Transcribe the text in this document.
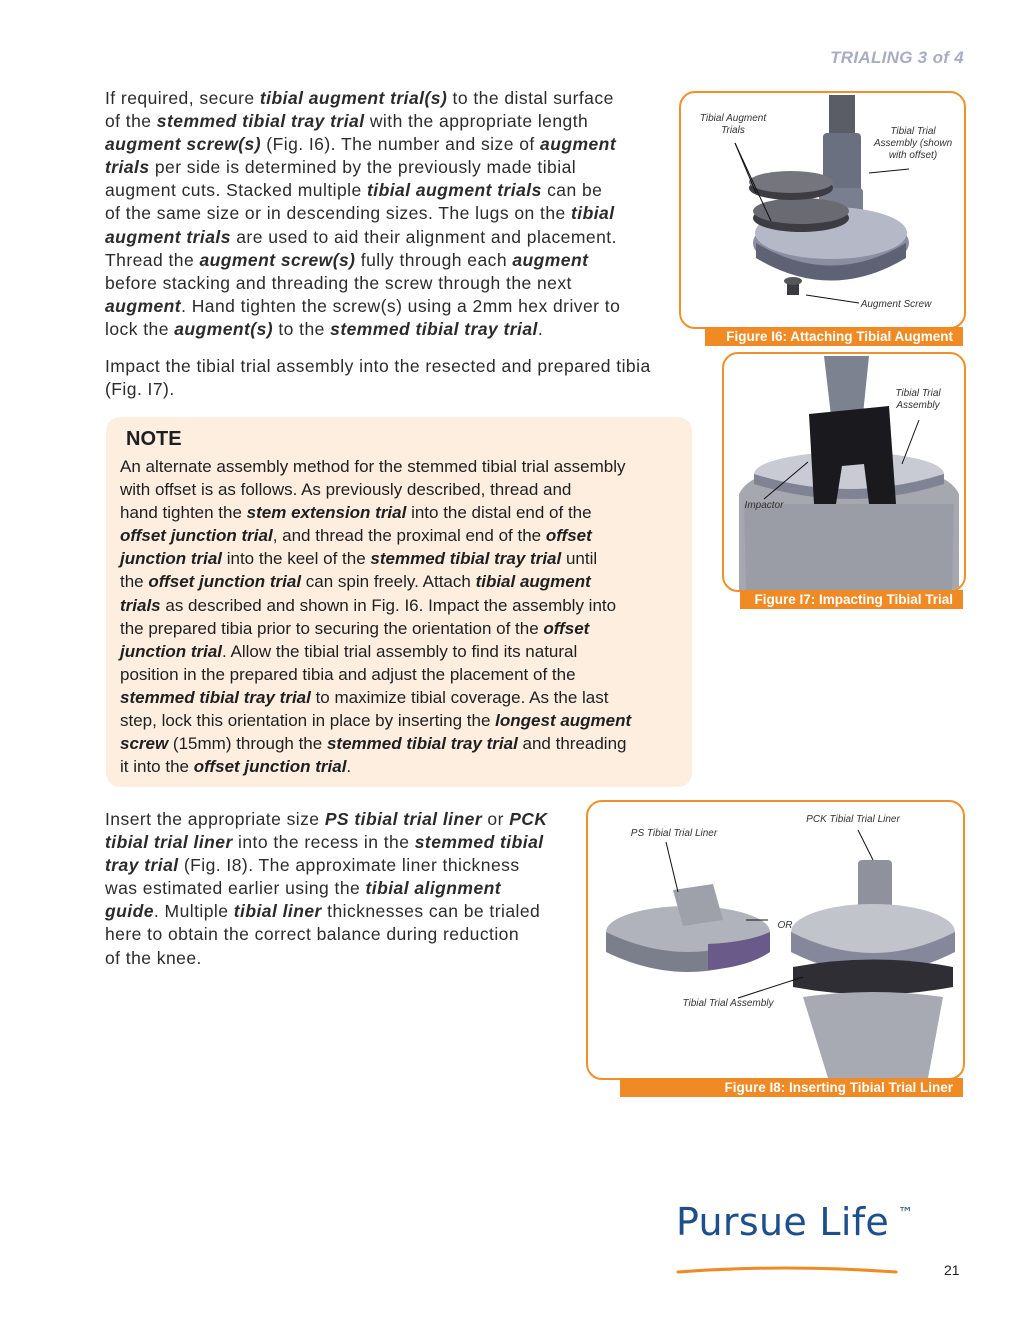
TRIALING 3 of 4
If required, secure tibial augment trial(s) to the distal surface
of the stemmed tibial tray trial with the appropriate length
augment screw(s) (Fig. I6). The number and size of augment
trials per side is determined by the previously made tibial
augment cuts. Stacked multiple tibial augment trials can be
of the same size or in descending sizes. The lugs on the tibial
augment trials are used to aid their alignment and placement.
Thread the augment screw(s) fully through each augment
before stacking and threading the screw through the next
augment. Hand tighten the screw(s) using a 2mm hex driver to
lock the augment(s) to the stemmed tibial tray trial.
Impact the tibial trial assembly into the resected and prepared tibia
(Fig. I7).
NOTE
An alternate assembly method for the stemmed tibial trial assembly
with offset is as follows. As previously described, thread and
hand tighten the stem extension trial into the distal end of the
offset junction trial, and thread the proximal end of the offset
junction trial into the keel of the stemmed tibial tray trial until
the offset junction trial can spin freely. Attach tibial augment
trials as described and shown in Fig. I6. Impact the assembly into
the prepared tibia prior to securing the orientation of the offset
junction trial. Allow the tibial trial assembly to find its natural
position in the prepared tibia and adjust the placement of the
stemmed tibial tray trial to maximize tibial coverage. As the last
step, lock this orientation in place by inserting the longest augment
screw (15mm) through the stemmed tibial tray trial and threading
it into the offset junction trial.
Insert the appropriate size PS tibial trial liner or PCK
tibial trial liner into the recess in the stemmed tibial
tray trial (Fig. I8). The approximate liner thickness
was estimated earlier using the tibial alignment
guide. Multiple tibial liner thicknesses can be trialed
here to obtain the correct balance during reduction
of the knee.
Tibial Augment
Trials	Tibial Trial
Assembly (shown
with offset)
Augment Screw
Figure I6: Attaching Tibial Augment
Tibial Trial
Assembly
Impactor
Figure I7: Impacting Tibial Trial
PCK Tibial Trial Liner
PS Tibial Trial Liner
OR
Tibial Trial Assembly
Figure I8: Inserting Tibial Trial Liner
Pursue Life ™
21
